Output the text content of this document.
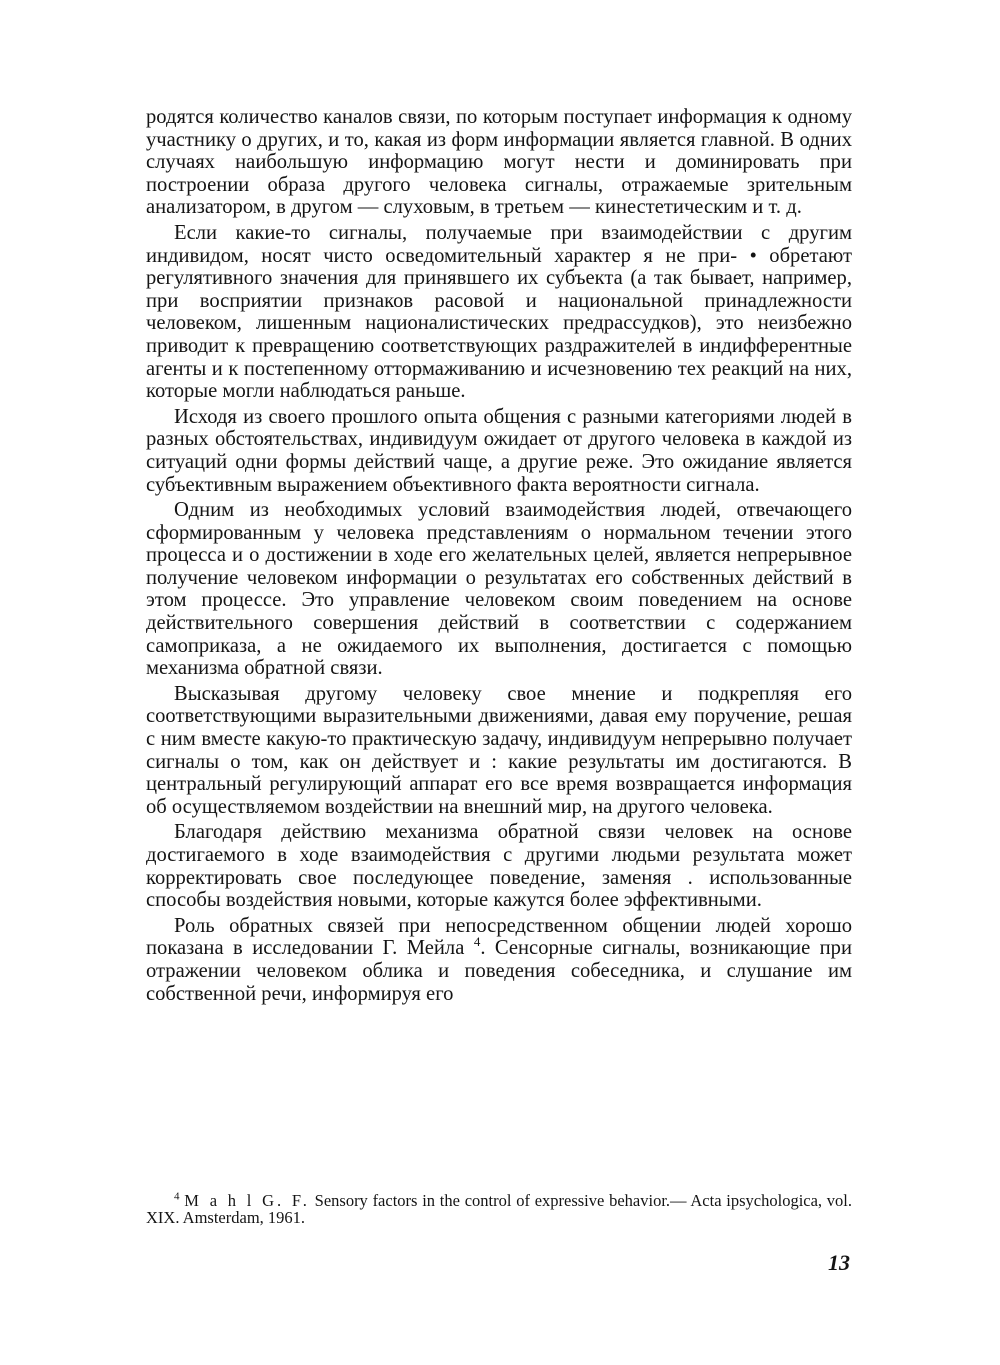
родятся количество каналов связи, по которым поступает информация к одному участнику о других, и то, какая из форм информации является главной. В одних случаях наибольшую информацию могут нести и доминировать при построении образа другого человека сигналы, отражаемые зрительным анализатором, в другом — слуховым, в третьем — кинестетическим и т. д.

Если какие-то сигналы, получаемые при взаимодействии с другим индивидом, носят чисто осведомительный характер я не при- • обретают регулятивного значения для принявшего их субъекта (а так бывает, например, при восприятии признаков расовой и национальной принадлежности человеком, лишенным националистических предрассудков), это неизбежно приводит к превращению соответствующих раздражителей в индифферентные агенты и к постепенному оттормаживанию и исчезновению тех реакций на них, которые могли наблюдаться раньше.

Исходя из своего прошлого опыта общения с разными категориями людей в разных обстоятельствах, индивидуум ожидает от другого человека в каждой из ситуаций одни формы действий чаще, а другие реже. Это ожидание является субъективным выражением объективного факта вероятности сигнала.

Одним из необходимых условий взаимодействия людей, отвечающего сформированным у человека представлениям о нормальном течении этого процесса и о достижении в ходе его желательных целей, является непрерывное получение человеком информации о результатах его собственных действий в этом процессе. Это управление человеком своим поведением на основе действительного совершения действий в соответствии с содержанием самоприказа, а не ожидаемого их выполнения, достигается с помощью механизма обратной связи.

Высказывая другому человеку свое мнение и подкрепляя его соответствующими выразительными движениями, давая ему поручение, решая с ним вместе какую-то практическую задачу, индивидуум непрерывно получает сигналы о том, как он действует и : какие результаты им достигаются. В центральный регулирующий аппарат его все время возвращается информация об осуществляемом воздействии на внешний мир, на другого человека.

Благодаря действию механизма обратной связи человек на основе достигаемого в ходе взаимодействия с другими людьми результата может корректировать свое последующее поведение, заменяя . использованные способы воздействия новыми, которые кажутся более эффективными.

Роль обратных связей при непосредственном общении людей хорошо показана в исследовании Г. Мейла $^4$. Сенсорные сигналы, возникающие при отражении человеком облика и поведения собеседника, и слушание им собственной речи, информируя его

$^4$ M a h l G. F. Sensory factors in the control of expressive behavior.— Acta ipsychologica, vol. XIX. Amsterdam, 1961.
13
